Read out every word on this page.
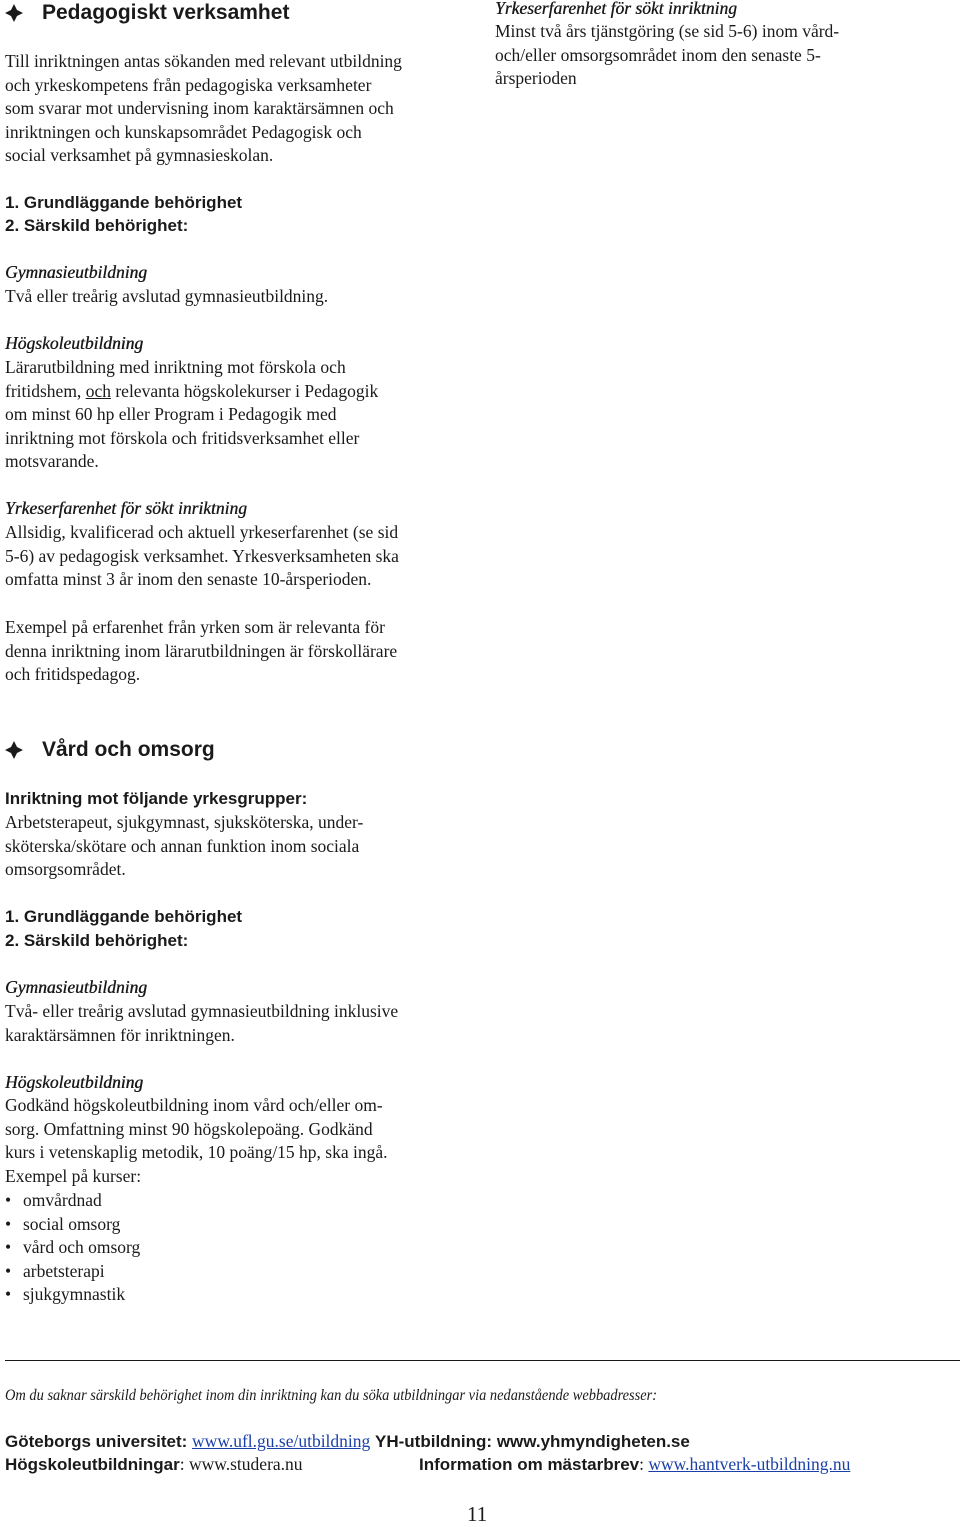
Pedagogiskt verksamhet
Till inriktningen antas sökanden med relevant utbildning
och yrkeskompetens från pedagogiska verksamheter
som svarar mot undervisning inom karaktärsämnen och
inriktningen och kunskapsområdet Pedagogisk och
social verksamhet på gymnasieskolan.
Yrkeserfarenhet för sökt inriktning
Minst två års tjänstgöring (se sid 5-6) inom vård-
och/eller omsorgsområdet inom den senaste 5-
årsperioden
1. Grundläggande behörighet
2. Särskild behörighet:
Gymnasieutbildning
Två eller treårig avslutad gymnasieutbildning.
Högskoleutbildning
Lärarutbildning med inriktning mot förskola och
fritidshem, och relevanta högskolekurser i Pedagogik
om minst 60 hp eller Program i Pedagogik med
inriktning mot förskola och fritidsverksamhet eller
motsvarande.
Yrkeserfarenhet för sökt inriktning
Allsidig, kvalificerad och aktuell yrkeserfarenhet (se sid
5-6) av pedagogisk verksamhet. Yrkesverksamheten ska
omfatta minst 3 år inom den senaste 10-årsperioden.
Exempel på erfarenhet från yrken som är relevanta för
denna inriktning inom lärarutbildningen är förskollärare
och fritidspedagog.
Vård och omsorg
Inriktning mot följande yrkesgrupper:
Arbetsterapeut, sjukgymnast, sjuksköterska, under-
sköterska/skötare och annan funktion inom sociala
omsorgsområdet.
1. Grundläggande behörighet
2. Särskild behörighet:
Gymnasieutbildning
Två- eller treårig avslutad gymnasieutbildning inklusive
karaktärsämnen för inriktningen.
Högskoleutbildning
Godkänd högskoleutbildning inom vård och/eller om-
sorg. Omfattning minst 90 högskolepoäng. Godkänd
kurs i vetenskaplig metodik, 10 poäng/15 hp, ska ingå.
Exempel på kurser:
• omvårdnad
• social omsorg
• vård och omsorg
• arbetsterapi
• sjukgymnastik
Om du saknar särskild behörighet inom din inriktning kan du söka utbildningar via nedanstående webbadresser:
Göteborgs universitet: www.ufl.gu.se/utbildning YH-utbildning: www.yhmyndigheten.se
Högskoleutbildningar: www.studera.nu	Information om mästarbrev: www.hantverk-utbildning.nu
11
